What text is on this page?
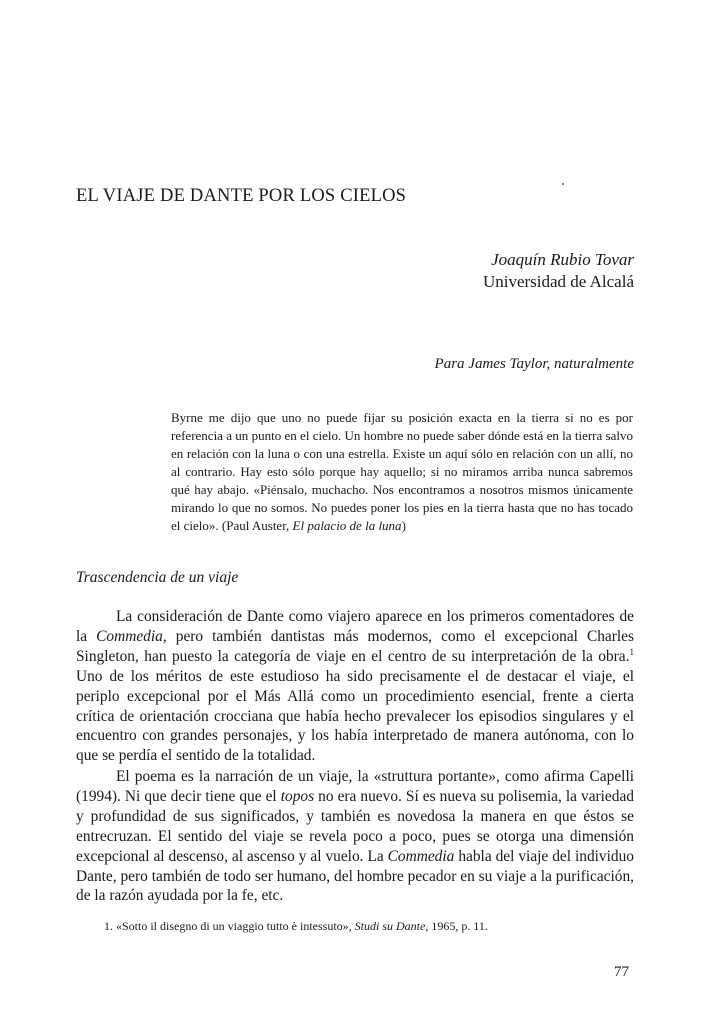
EL VIAJE DE DANTE POR LOS CIELOS
Joaquín Rubio Tovar
Universidad de Alcalá
Para James Taylor, naturalmente
Byrne me dijo que uno no puede fijar su posición exacta en la tierra si no es por referencia a un punto en el cielo. Un hombre no puede saber dónde está en la tierra salvo en relación con la luna o con una estrella. Existe un aquí sólo en relación con un allí, no al contrario. Hay esto sólo porque hay aquello; si no miramos arriba nunca sabremos qué hay abajo. «Piénsalo, muchacho. Nos encontramos a nosotros mismos únicamente mirando lo que no somos. No puedes poner los pies en la tierra hasta que no has tocado el cielo». (Paul Auster, El palacio de la luna)
Trascendencia de un viaje
La consideración de Dante como viajero aparece en los primeros comentadores de la Commedia, pero también dantistas más modernos, como el excepcional Charles Singleton, han puesto la categoría de viaje en el centro de su interpretación de la obra.$^1$ Uno de los méritos de este estudioso ha sido precisamente el de destacar el viaje, el periplo excepcional por el Más Allá como un procedimiento esencial, frente a cierta crítica de orientación crocciana que había hecho prevalecer los episodios singulares y el encuentro con grandes personajes, y los había interpretado de manera autónoma, con lo que se perdía el sentido de la totalidad.
El poema es la narración de un viaje, la «struttura portante», como afirma Capelli (1994). Ni que decir tiene que el topos no era nuevo. Sí es nueva su polisemia, la variedad y profundidad de sus significados, y también es novedosa la manera en que éstos se entrecruzan. El sentido del viaje se revela poco a poco, pues se otorga una dimensión excepcional al descenso, al ascenso y al vuelo. La Commedia habla del viaje del individuo Dante, pero también de todo ser humano, del hombre pecador en su viaje a la purificación, de la razón ayudada por la fe, etc.
1. «Sotto il disegno di un viaggio tutto è intessuto», Studi su Dante, 1965, p. 11.
77
